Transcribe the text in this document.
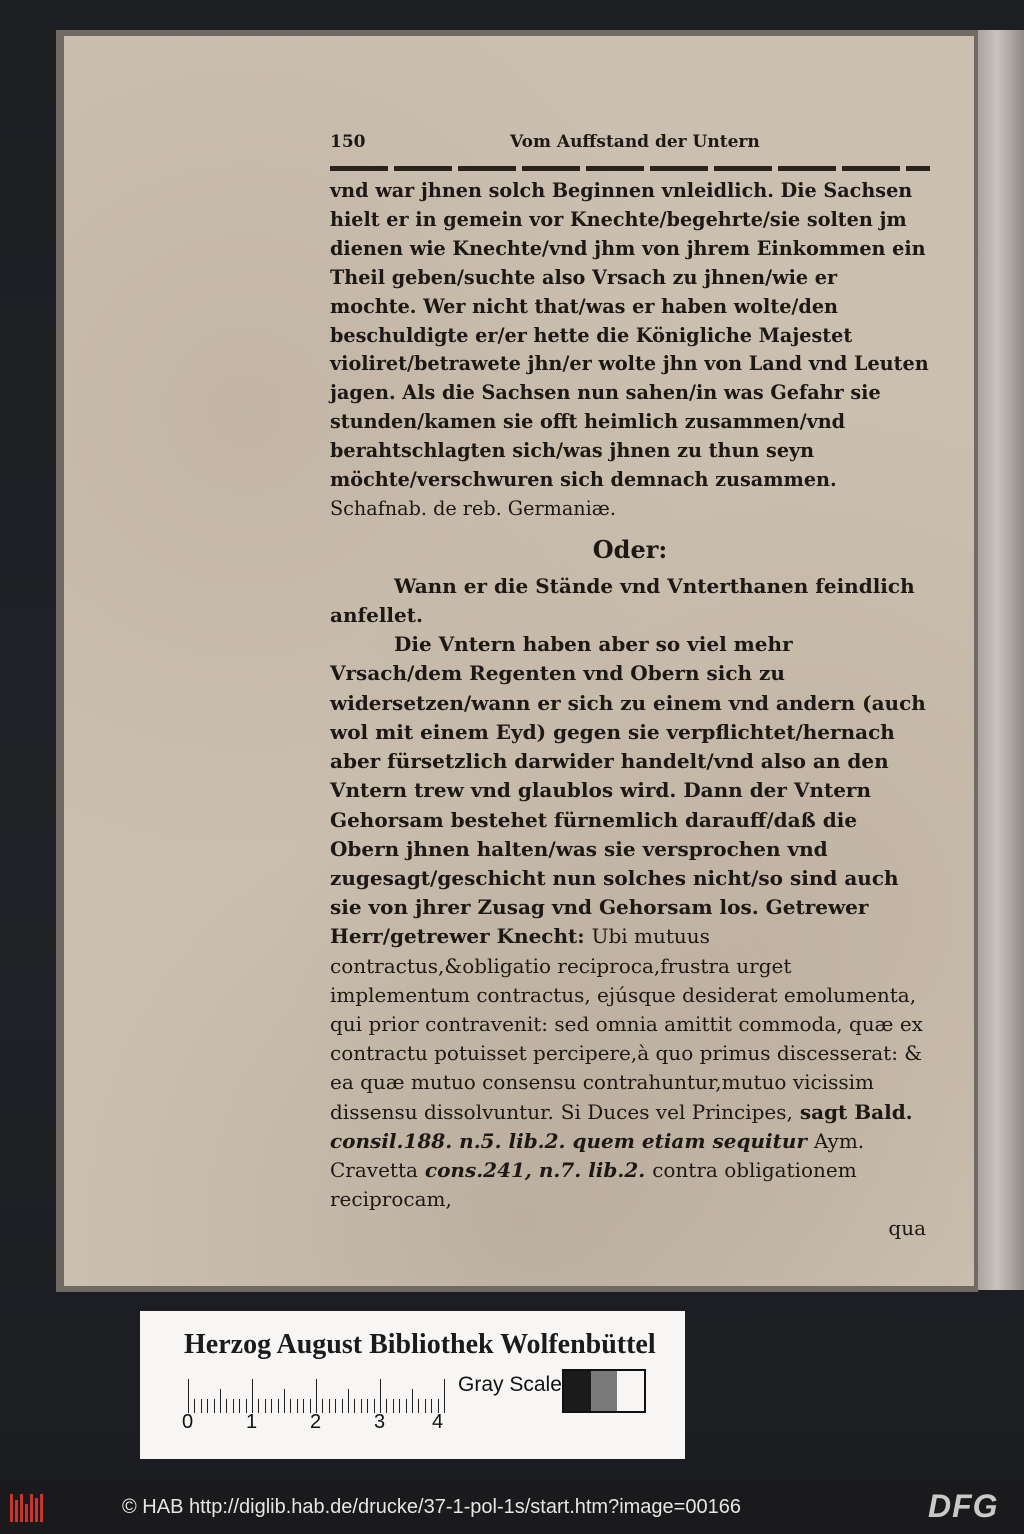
150	Vom Auffstand der Untern
vnd war jhnen solch Beginnen vnleidlich. Die Sachsen hielt er in gemein vor Knechte/begehrte/sie solten jm dienen wie Knechte/vnd jhm von jhrem Einkommen ein Theil geben/suchte also Vrsach zu jhnen/wie er mochte. Wer nicht that/was er haben wolte/den beschuldigte er/er hette die Königliche Majestet violiret/betrawete jhn/er wolte jhn von Land vnd Leuten jagen. Als die Sachsen nun sahen/in was Gefahr sie stunden/kamen sie offt heimlich zusammen/vnd berahtschlagten sich/was jhnen zu thun seyn möchte/verschwuren sich demnach zusammen. Schafnab. de reb. Germaniæ.
Oder:
Wann er die Stände vnd Vnterthanen feindlich anfellet.
Die Vntern haben aber so viel mehr Vrsach/dem Regenten vnd Obern sich zu widersetzen/wann er sich zu einem vnd andern (auch wol mit einem Eyd) gegen sie verpflichtet/hernach aber fürsetzlich darwider handelt/vnd also an den Vntern trew vnd glaublos wird. Dann der Vntern Gehorsam bestehet fürnemlich darauff/daß die Obern jhnen halten/was sie versprochen vnd zugesagt/geschicht nun solches nicht/so sind auch sie von jhrer Zusag vnd Gehorsam los. Getrewer Herr/getrewer Knecht: Ubi mutuus contractus,&obligatio reciproca,frustra urget implementum contractus, ejúsque desiderat emolumenta, qui prior contravenit: sed omnia amittit commoda, quæ ex contractu potuisset percipere,à quo primus discesserat: & ea quæ mutuo consensu contrahuntur,mutuo vicissim dissensu dissolvuntur. Si Duces vel Principes, sagt Bald. consil.188. n.5. lib.2. quem etiam sequitur Aym. Cravetta cons.241, n.7. lib.2. contra obligationem reciprocam,
qua
Herzog August Bibliothek Wolfenbüttel
0	1	2	3 4
Gray Scale
© HAB http://diglib.hab.de/drucke/37-1-pol-1s/start.htm?image=00166	DFG
